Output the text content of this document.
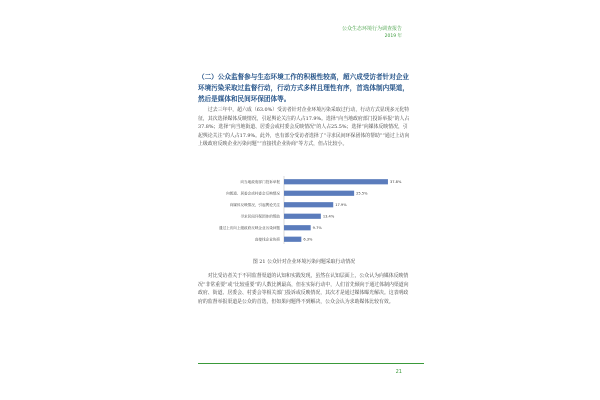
公众生态环境行为调查报告
2019 年
（二）公众监督参与生态环境工作的积极性较高，超六成受访者针对企业环境污染采取过监督行动，行动方式多样且理性有序，首选体制内渠道，然后是媒体和民间环保团体等。

过去三年中，超六成（63.0%）受访者针对企业环境污染采取过行动，行动方式显现多元化特征，其次选择媒体反映情况，引起舆论关注的人占17.9%。选择“向当地政府部门投诉举报”的人占37.8%；选择“向当地街道、居委会或村委会反映情况”的人占25.5%；选择“向媒体反映情况，引起舆论关注”的人占17.9%。此外，也有部分受访者选择了“寻求民间环保团体的帮助”“通过上访向上级政府反映企业污染问题”“直接找企业协商”等方式，但占比较小。

向当地政府部门投诉举报	37.8%
向街道、居委会或村委会反映情况	25.5%
向媒体反映情况，引起舆论关注	17.9%
寻求民间环保团体的帮助	13.4%
通过上访向上级政府反映企业污染问题	9.7%
直接找企业协商	6.3%
图 21 公众针对企业环境污染问题采取行动情况

对比受访者关于不同监督渠道的认知和实践发现，虽然在认知层面上，公众认为向媒体反映情况“非常重要”或“比较重要”的人数比例最高，但在实际行动中，人们首先倾向于通过体制内渠道向政府、街道、居委会、村委会等相关部门投诉或反映情况，其次才是通过媒体曝光解决。这表明政府的监督举报渠道是公众的首选，但如果问题得不到解决，公众会认为求助媒体比较有效。

21
